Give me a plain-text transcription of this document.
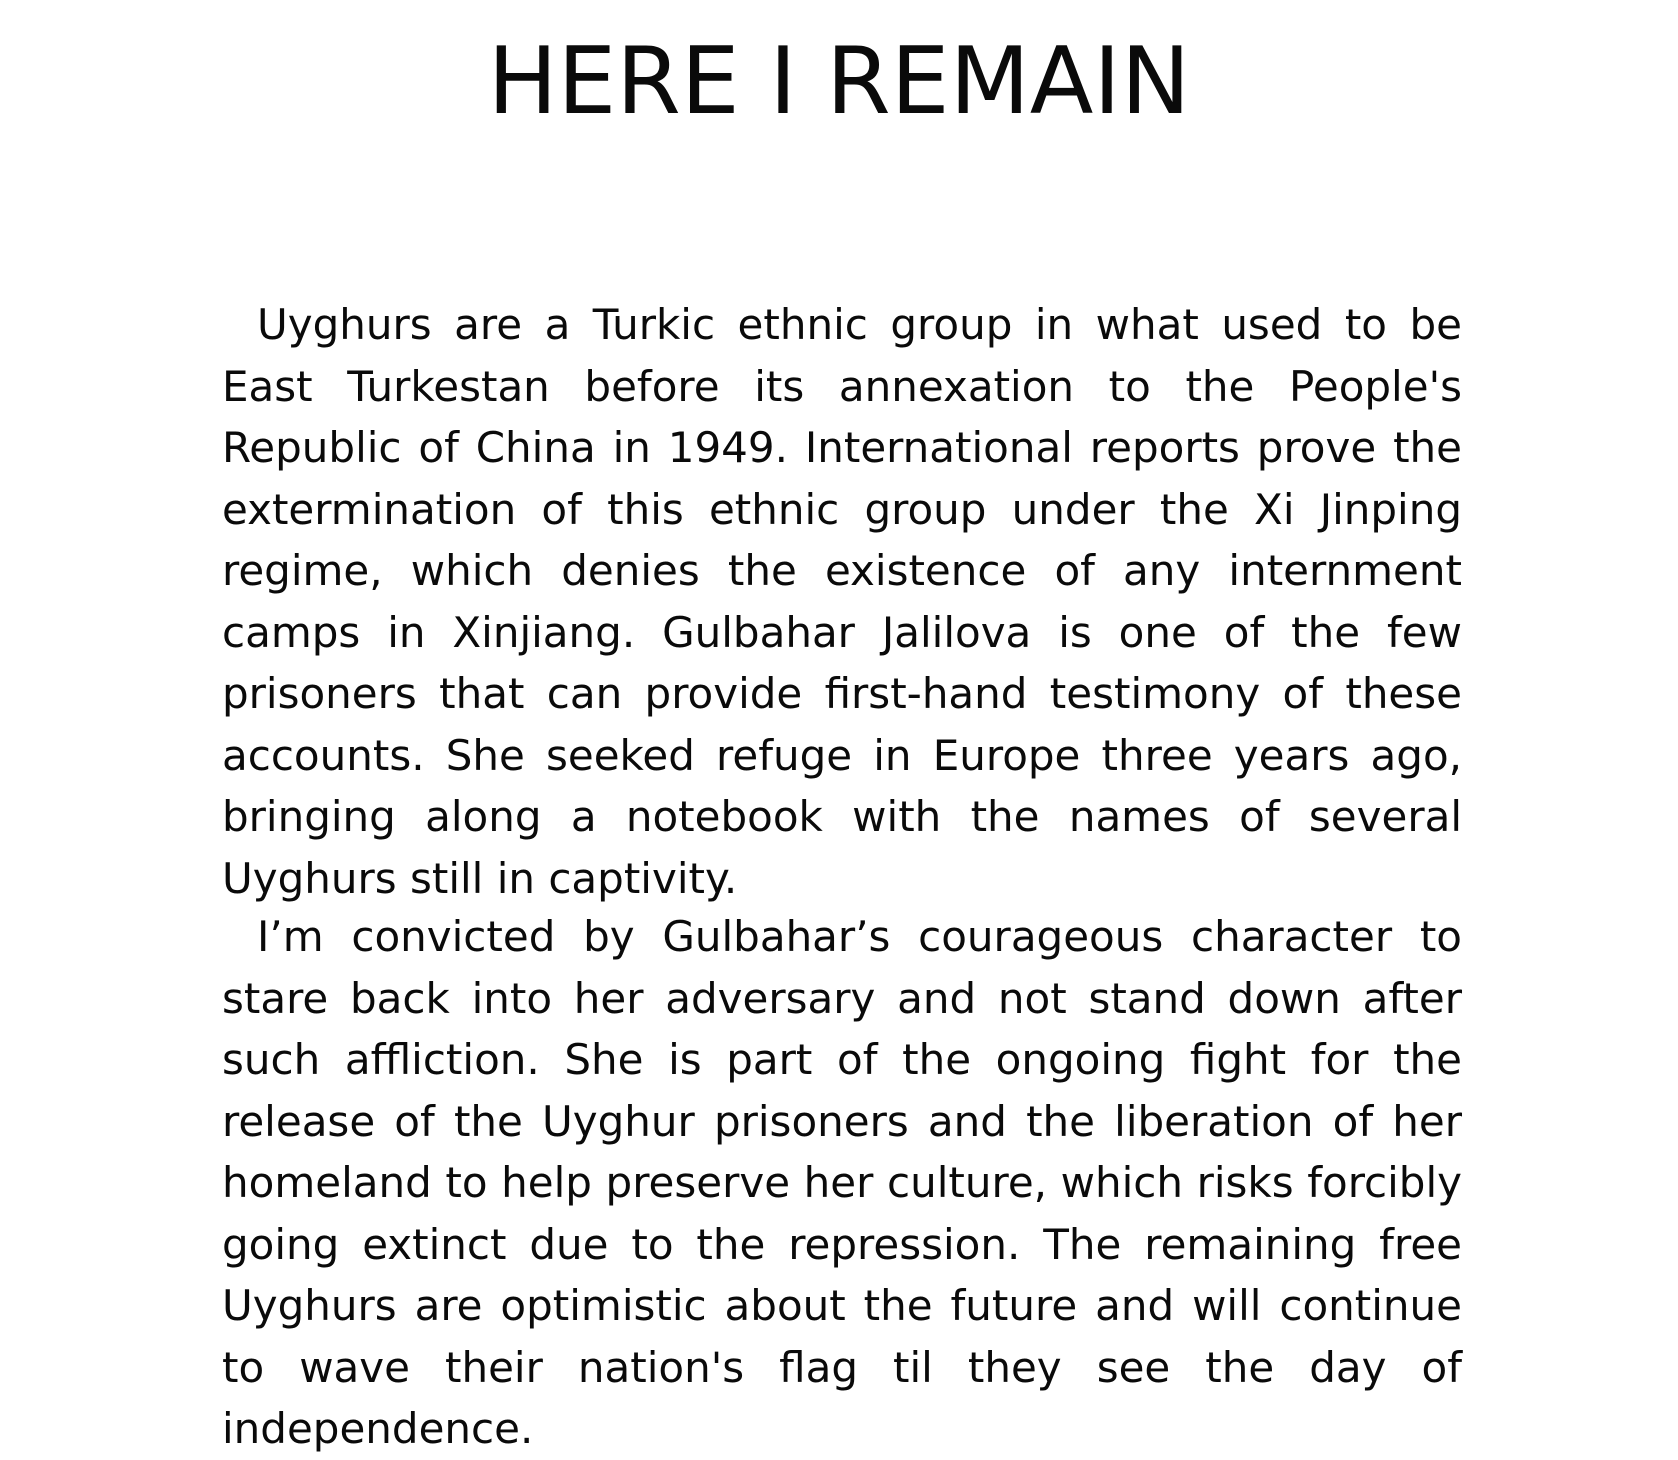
HERE I REMAIN

Uyghurs are a Turkic ethnic group in what used to be East Turkestan before its annexation to the People's Republic of China in 1949. International reports prove the extermination of this ethnic group under the Xi Jinping regime, which denies the existence of any internment camps in Xinjiang. Gulbahar Jalilova is one of the few prisoners that can provide first-hand testimony of these accounts. She seeked refuge in Europe three years ago, bringing along a notebook with the names of several Uyghurs still in captivity.

I’m convicted by Gulbahar’s courageous character to stare back into her adversary and not stand down after such affliction. She is part of the ongoing fight for the release of the Uyghur prisoners and the liberation of her homeland to help preserve her culture, which risks forcibly going extinct due to the repression. The remaining free Uyghurs are optimistic about the future and will continue to wave their nation's flag til they see the day of independence.
